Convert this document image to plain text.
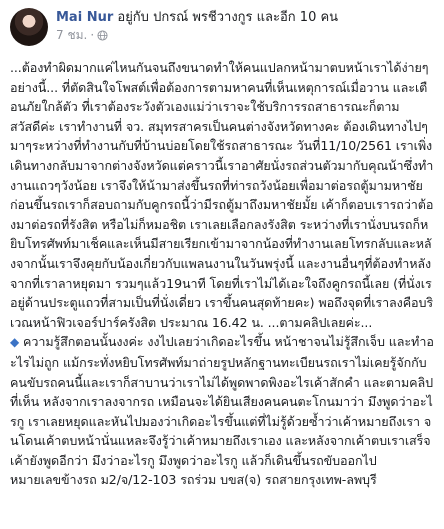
Mai Nur อยู่กับ ปกรณ์ พรชีวางกูร และอีก 10 คน
7 ชม. ·

...ต้องทำผิดมากแค่ไหนกันจนถึงขนาดทำให้คนแปลกหน้ามาตบหน้าเราได้ง่ายๆอย่างนี้... ที่ตัดสินใจโพสต์เพื่อต้องการตามหาคนที่เห็นเหตุการณ์เมื่อวาน และเตือนภัยใกล้ตัว ที่เราต้องระวังตัวเองแม่ว่าเราจะใช้บริการรถสาธารณะก็ตาม

สวัสดีค่ะ เราทำงานที่ จว. สมุทรสาครเป็นคนต่างจังหวัดทางคะ ต้องเดินทางไปๆมาๆระหว่างที่ทำงานกับที่บ้านบ่อยโดยใช้รถสาธารณะ วันที่11/10/2561 เราเพิ่งเดินทางกลับมาจากต่างจังหวัดแต่คราวนี้เราอาศัยนั่งรถส่วนตัวมากับคุณน้าซึ่งทำงานแถวๆวังน้อย เราจึงให้น้ามาส่งขึ้นรถที่ท่ารถวังน้อยเพื่อมาต่อรถตู้มามหาชัย ก่อนขึ้นรถเราก็สอบถามกับคูกรถนี้ว่ามีรถตู้มาถึงมหาชัยมั้ย เค้าก็ตอบเรารถว่าต้องมาต่อรถที่รังสิต หรือไม่ก็หมอชิต เราเลยเลือกลงรังสิต ระหว่างที่เรานั่งบนรถก็หยิบโทรศัพท์มาเช็คและเห็นมีสายเรียกเข้ามาจากน้องที่ทำงานเลยโทรกลับและหลังจากนั้นเราจึงคุยกับน้องเกี่ยวกับแพลนงานในวันพรุ่งนี้ และงานอื่นๆที่ต้องทำหลังจากที่เราลาหยุดมา รวมๆแล้ว19นาที โดยที่เราไม่ได้เอะใจถึงคูกรถนี้เลย (ที่นั่งเรอยู่ด้านประตูแถวที่สามเป็นที่นั่งเดี่ยว เราขึ้นคนสุดท้ายคะ) พอถึงจุดที่เราลงคือบริเวณหน้าฟิวเจอร์ปาร์ครังสิต ประมาณ 16.42 น. ...ตามคลิปเลยค่ะ...

◆ ความรู้สึกตอนนั้นงงค่ะ งงไปเลยว่าเกิดอะไรขึ้น หน้าชาจนไม่รู้สึกเจ็บ และทำอะไรไม่ถูก แม้กระทั่งหยิบโทรศัพท์มาถ่ายรูปหลักฐานทะเบียนรถเราไม่เคยรู้จักกับคนขับรถคนนี้และเราก็สาบานว่าเราไม่ได้พูดพาดพิงอะไรเค้าสักคำ และตามคลิปที่เห็น หลังจากเราลงจากรถ เหมือนจะได้ยินเสียงคนคนตะโกนมาว่า มึงพูดว่าอะไรกู เราเลยหยุดและหันไปมองว่าเกิดอะไรขึ้นแต่ที่ไม่รู้ด้วยซ้ำว่าเค้าหมายถึงเรา จนโดนเค้าตบหน้านั่นแหละจึงรู้ว่าเค้าหมายถึงเราเอง และหลังจากเค้าตบเราเสร็จเค้ายังพูดอีกว่า มึงว่าอะไรกู มึงพูดว่าอะไรกู แล้วก็เดินขึ้นรถขับออกไป

หมายเลขข้างรถ ม2/จ/12-103 รถร่วม บขส(จ) รถสายกรุงเทพ-ลพบุรี
